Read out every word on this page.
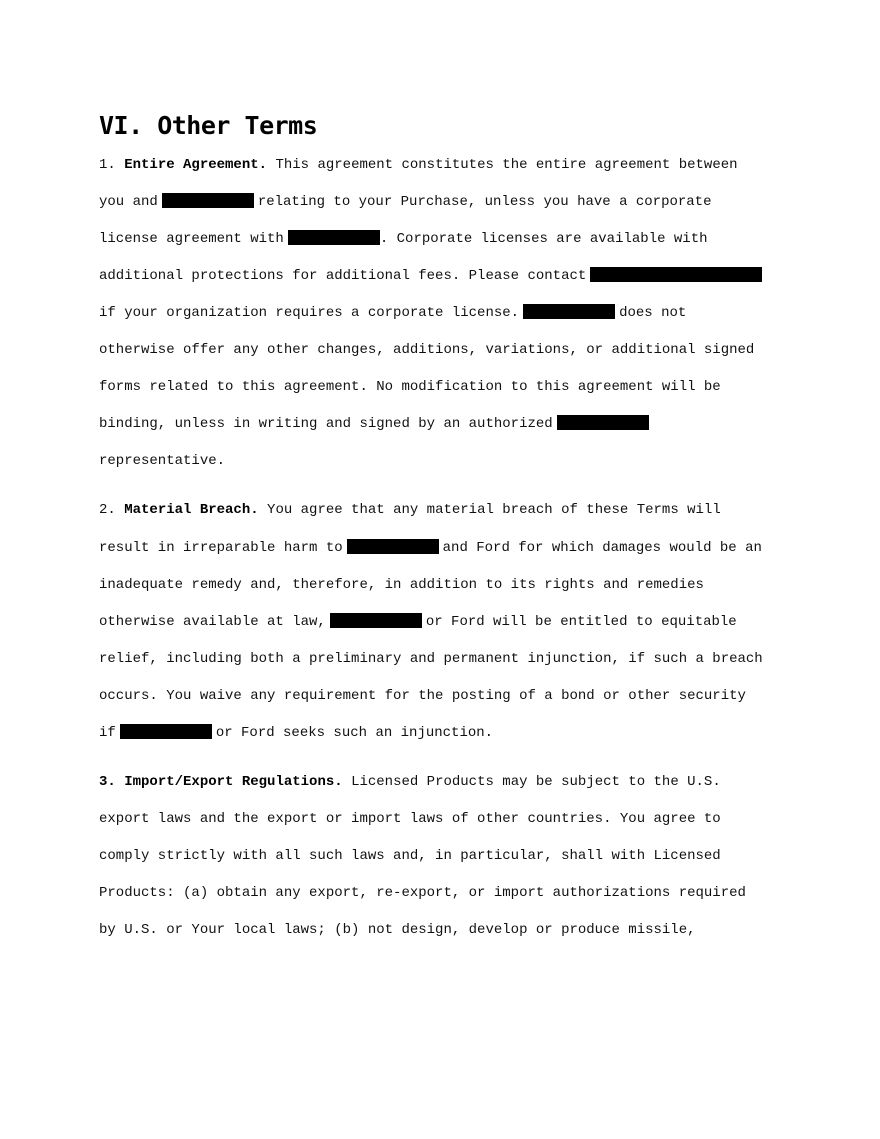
VI. Other Terms
1. Entire Agreement. This agreement constitutes the entire agreement between
you and	relating to your Purchase, unless you have a corporate
license agreement with	. Corporate licenses are available with
additional protections for additional fees. Please contact
if your organization requires a corporate license.	does not
otherwise offer any other changes, additions, variations, or additional signed
forms related to this agreement. No modification to this agreement will be
binding, unless in writing and signed by an authorized
representative.
2. Material Breach. You agree that any material breach of these Terms will
result in irreparable harm to	and Ford for which damages would be an
inadequate remedy and, therefore, in addition to its rights and remedies
otherwise available at law,	or Ford will be entitled to equitable
relief, including both a preliminary and permanent injunction, if such a breach
occurs. You waive any requirement for the posting of a bond or other security
if	or Ford seeks such an injunction.
3. Import/Export Regulations. Licensed Products may be subject to the U.S.
export laws and the export or import laws of other countries. You agree to
comply strictly with all such laws and, in particular, shall with Licensed
Products: (a) obtain any export, re-export, or import authorizations required
by U.S. or Your local laws; (b) not design, develop or produce missile,
